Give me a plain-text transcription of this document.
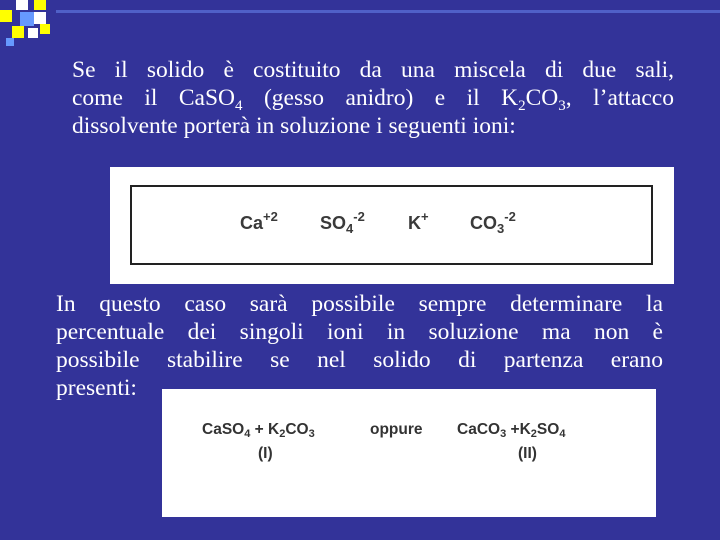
Se il solido è costituito da una miscela di due sali,
come il CaSO$_4$ (gesso anidro) e il $K_2CO_3$, l’attacco
dissolvente porterà in soluzione i seguenti ioni:
$Ca^{+2}$ $SO_4^{-2}$ K+ $CO_3^{-2}$
In questo caso sarà possibile sempre determinare la
percentuale dei singoli ioni in soluzione ma non è
possibile stabilire se nel solido di partenza erano
presenti:
CaSO$_4$ + $K_2CO_3$
(I)
oppure CaCO$_3$ $+K_2SO_4$
(II)
